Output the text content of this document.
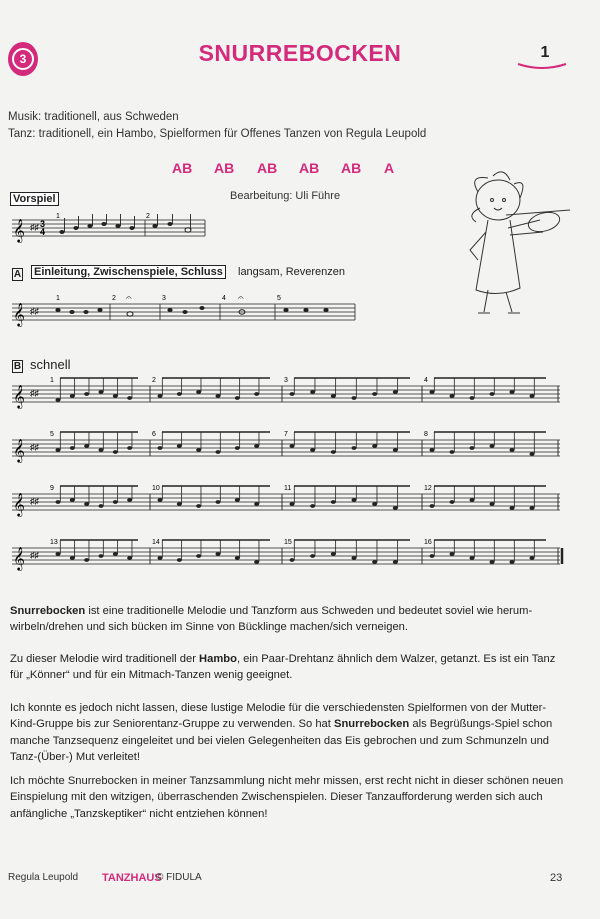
3	SNURREBOCKEN	1
Musik: traditionell, aus Schweden
Tanz: traditionell, ein Hambo, Spielformen für Offenes Tanzen von Regula Leupold
AB AB AB AB AB A
Bearbeitung: Uli Führe
Vorspiel
𝄞 ♯♯ 3
4
1	2
A Einleitung, Zwischenspiele, Schluss langsam, Reverenzen
𝄞 ♯♯
1	2	3	4	5
𝄐	𝄐
B schnell
𝄞 ♯♯
1	2	3	4
𝄞 ♯♯
5	6	7	8
𝄞 ♯♯
9	10	11	12
𝄞 ♯♯
13	14	15	16
Snurrebocken ist eine traditionelle Melodie und Tanzform aus Schweden und bedeutet soviel wie herum-wirbeln/drehen und sich bücken im Sinne von Bücklinge machen/sich verneigen.
Zu dieser Melodie wird traditionell der Hambo, ein Paar-Drehtanz ähnlich dem Walzer, getanzt. Es ist ein Tanz für „Könner“ und für ein Mitmach-Tanzen wenig geeignet.
Ich konnte es jedoch nicht lassen, diese lustige Melodie für die verschiedensten Spielformen von der Mutter-Kind-Gruppe bis zur Seniorentanz-Gruppe zu verwenden. So hat Snurrebocken als Begrüßungs-Spiel schon manche Tanzsequenz eingeleitet und bei vielen Gelegenheiten das Eis gebrochen und zum Schmunzeln und Tanz-(Über-) Mut verleitet!
Ich möchte Snurrebocken in meiner Tanzsammlung nicht mehr missen, erst recht nicht in dieser schönen neuen Einspielung mit den witzigen, überraschenden Zwischenspielen. Dieser Tanzaufforderung werden sich auch anfängliche „Tanzskeptiker“ nicht entziehen können!
Regula Leupold TANZHAUS
© FIDULA	23
